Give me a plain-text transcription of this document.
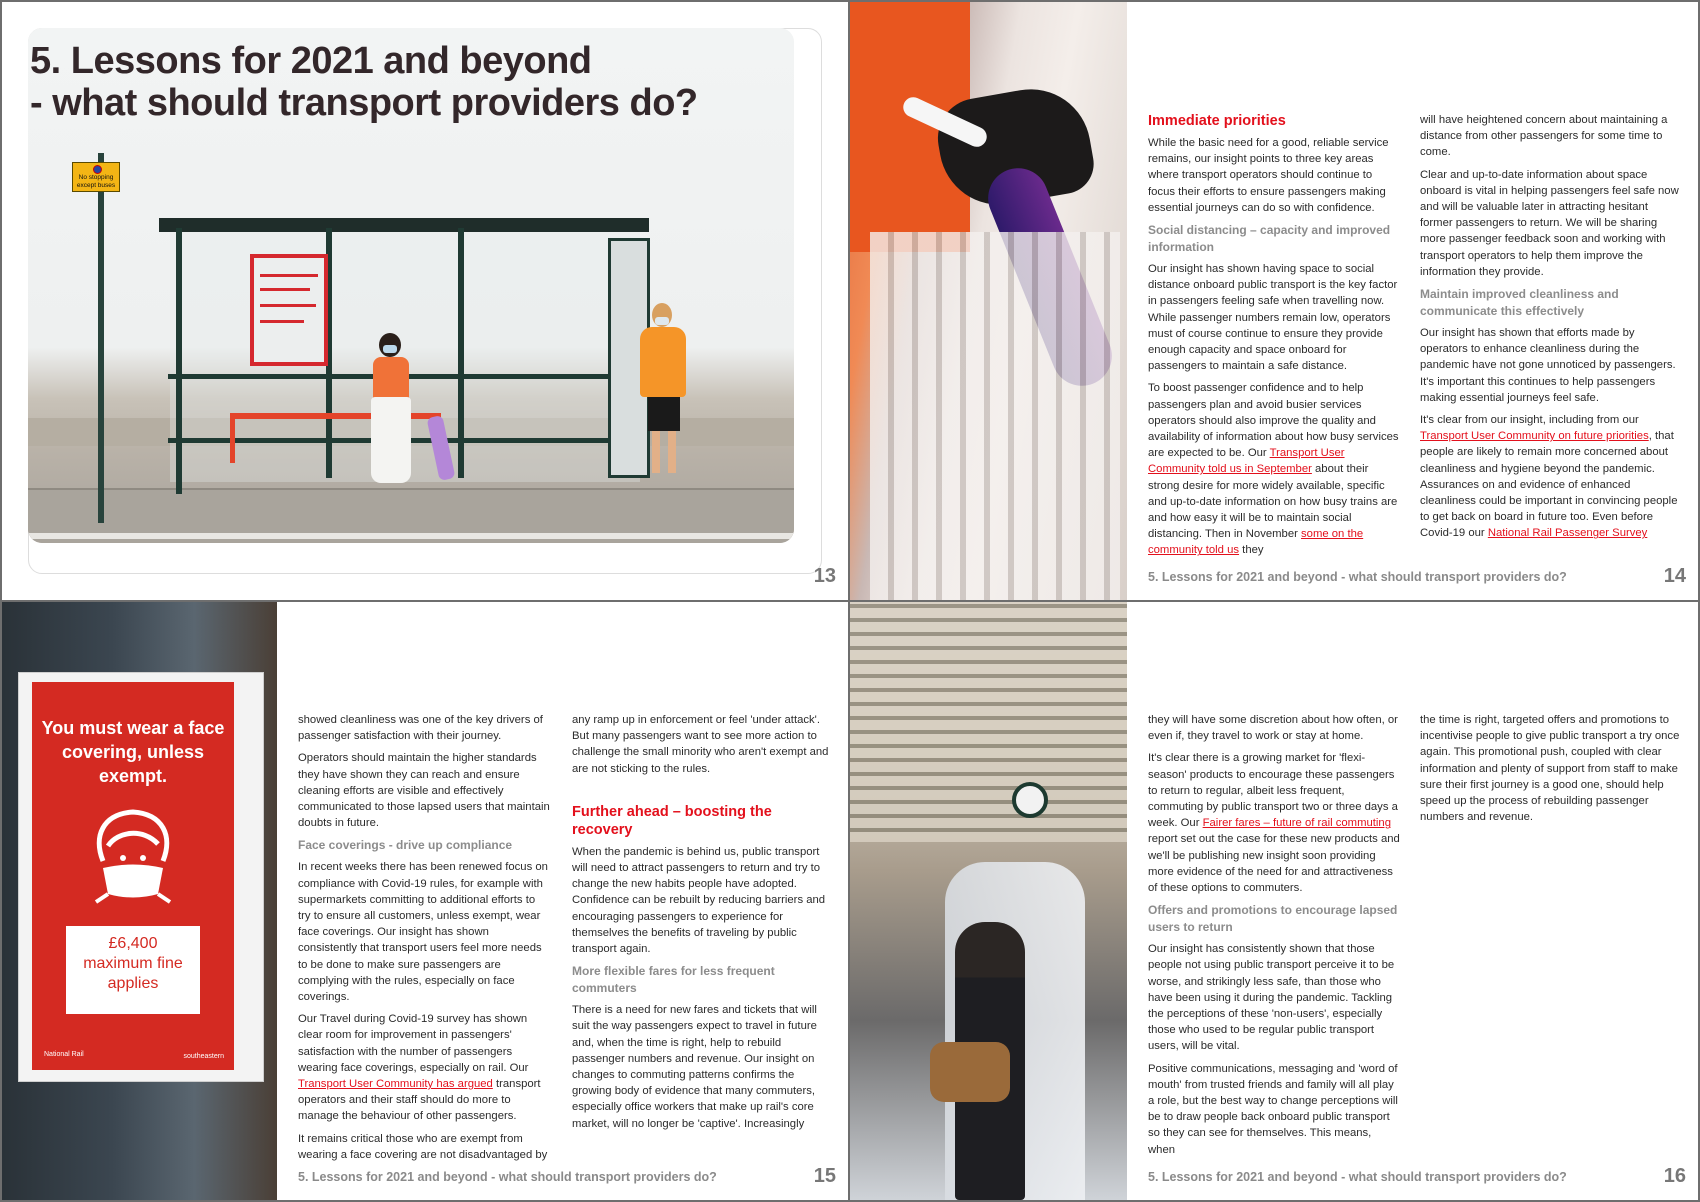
No stopping except buses
5. Lessons for 2021 and beyond
- what should transport providers do?
13
Immediate priorities

While the basic need for a good, reliable service remains, our insight points to three key areas where transport operators should continue to focus their efforts to ensure passengers making essential journeys can do so with confidence.

Social distancing – capacity and improved information

Our insight has shown having space to social distance onboard public transport is the key factor in passengers feeling safe when travelling now. While passenger numbers remain low, operators must of course continue to ensure they provide enough capacity and space onboard for passengers to maintain a safe distance.

To boost passenger confidence and to help passengers plan and avoid busier services operators should also improve the quality and availability of information about how busy services are expected to be. Our Transport User Community told us in September about their strong desire for more widely available, specific and up-to-date information on how busy trains are and how easy it will be to maintain social distancing. Then in November some on the community told us they

will have heightened concern about maintaining a distance from other passengers for some time to come.

Clear and up-to-date information about space onboard is vital in helping passengers feel safe now and will be valuable later in attracting hesitant former passengers to return. We will be sharing more passenger feedback soon and working with transport operators to help them improve the information they provide.

Maintain improved cleanliness and communicate this effectively

Our insight has shown that efforts made by operators to enhance cleanliness during the pandemic have not gone unnoticed by passengers. It's important this continues to help passengers making essential journeys feel safe.

It's clear from our insight, including from our Transport User Community on future priorities, that people are likely to remain more concerned about cleanliness and hygiene beyond the pandemic. Assurances on and evidence of enhanced cleanliness could be important in convincing people to get back on board in future too. Even before Covid-19 our National Rail Passenger Survey

5. Lessons for 2021 and beyond - what should transport providers do?	14
You must wear a face covering, unless exempt.
£6,400
maximum fine applies
National Rail	southeastern

showed cleanliness was one of the key drivers of passenger satisfaction with their journey.

Operators should maintain the higher standards they have shown they can reach and ensure cleaning efforts are visible and effectively communicated to those lapsed users that maintain doubts in future.

Face coverings - drive up compliance

In recent weeks there has been renewed focus on compliance with Covid-19 rules, for example with supermarkets committing to additional efforts to try to ensure all customers, unless exempt, wear face coverings. Our insight has shown consistently that transport users feel more needs to be done to make sure passengers are complying with the rules, especially on face coverings.

Our Travel during Covid-19 survey has shown clear room for improvement in passengers' satisfaction with the number of passengers wearing face coverings, especially on rail. Our Transport User Community has argued transport operators and their staff should do more to manage the behaviour of other passengers.

It remains critical those who are exempt from wearing a face covering are not disadvantaged by

any ramp up in enforcement or feel 'under attack'. But many passengers want to see more action to challenge the small minority who aren't exempt and are not sticking to the rules.

Further ahead – boosting the recovery

When the pandemic is behind us, public transport will need to attract passengers to return and try to change the new habits people have adopted. Confidence can be rebuilt by reducing barriers and encouraging passengers to experience for themselves the benefits of traveling by public transport again.

More flexible fares for less frequent commuters

There is a need for new fares and tickets that will suit the way passengers expect to travel in future and, when the time is right, help to rebuild passenger numbers and revenue. Our insight on changes to commuting patterns confirms the growing body of evidence that many commuters, especially office workers that make up rail's core market, will no longer be 'captive'. Increasingly

5. Lessons for 2021 and beyond - what should transport providers do?	15

they will have some discretion about how often, or even if, they travel to work or stay at home.

It's clear there is a growing market for 'flexi-season' products to encourage these passengers to return to regular, albeit less frequent, commuting by public transport two or three days a week. Our Fairer fares – future of rail commuting report set out the case for these new products and we'll be publishing new insight soon providing more evidence of the need for and attractiveness of these options to commuters.

Offers and promotions to encourage lapsed users to return

Our insight has consistently shown that those people not using public transport perceive it to be worse, and strikingly less safe, than those who have been using it during the pandemic. Tackling the perceptions of these 'non-users', especially those who used to be regular public transport users, will be vital.

Positive communications, messaging and 'word of mouth' from trusted friends and family will all play a role, but the best way to change perceptions will be to draw people back onboard public transport so they can see for themselves. This means, when

the time is right, targeted offers and promotions to incentivise people to give public transport a try once again. This promotional push, coupled with clear information and plenty of support from staff to make sure their first journey is a good one, should help speed up the process of rebuilding passenger numbers and revenue.

5. Lessons for 2021 and beyond - what should transport providers do?	16
